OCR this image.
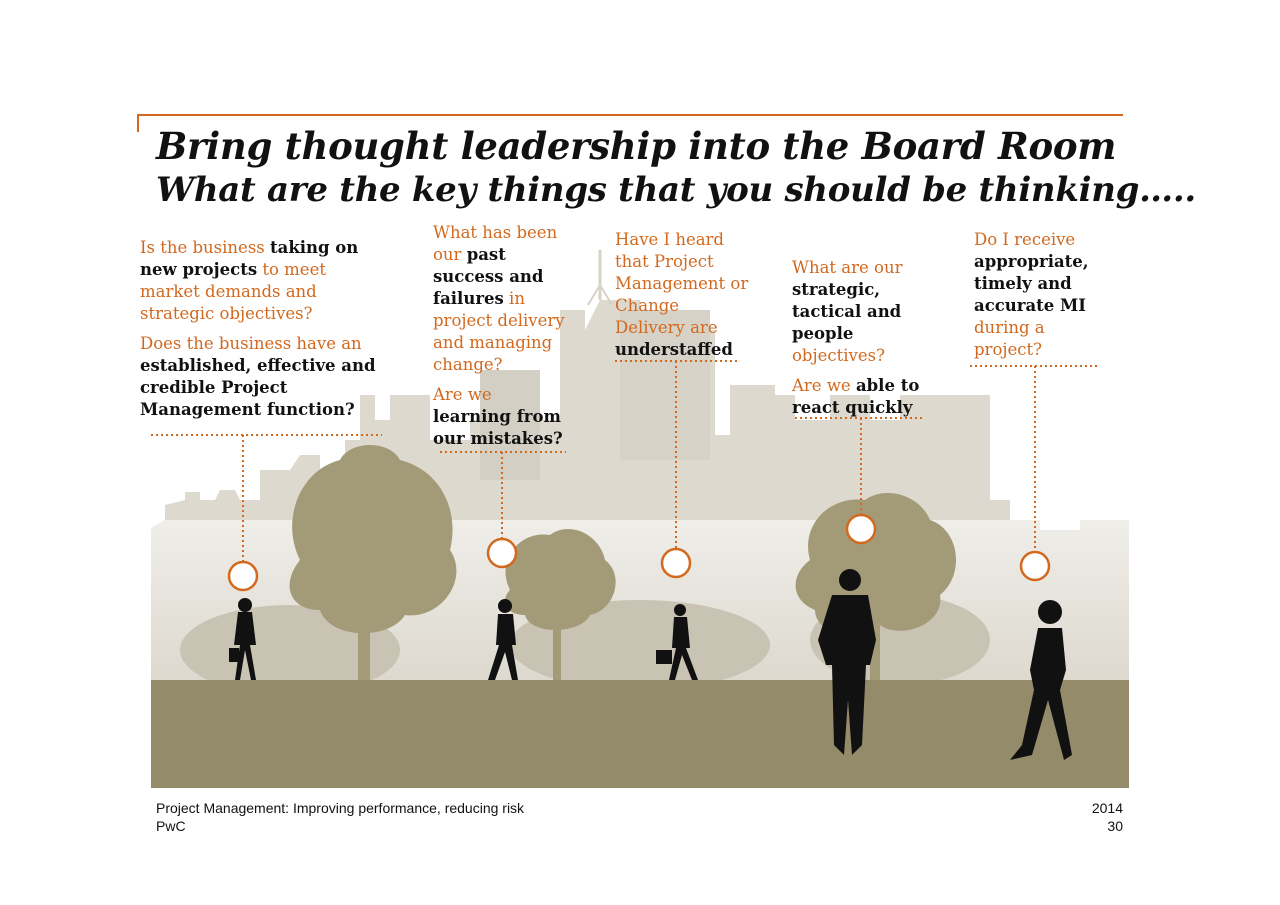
Bring thought leadership into the Board Room
What are the key things that you should be thinking…..

Is the business taking on new projects to meet market demands and strategic objectives?

Does the business have an established, effective and credible Project Management function?

What has been our past success and failures in project delivery and managing change?

Are we learning from our mistakes?

Have I heard that Project Management or Change Delivery are understaffed

What are our strategic, tactical and people objectives?

Are we able to react quickly

Do I receive appropriate, timely and accurate MI during a project?

Project Management: Improving performance, reducing risk
PwC
2014
30
